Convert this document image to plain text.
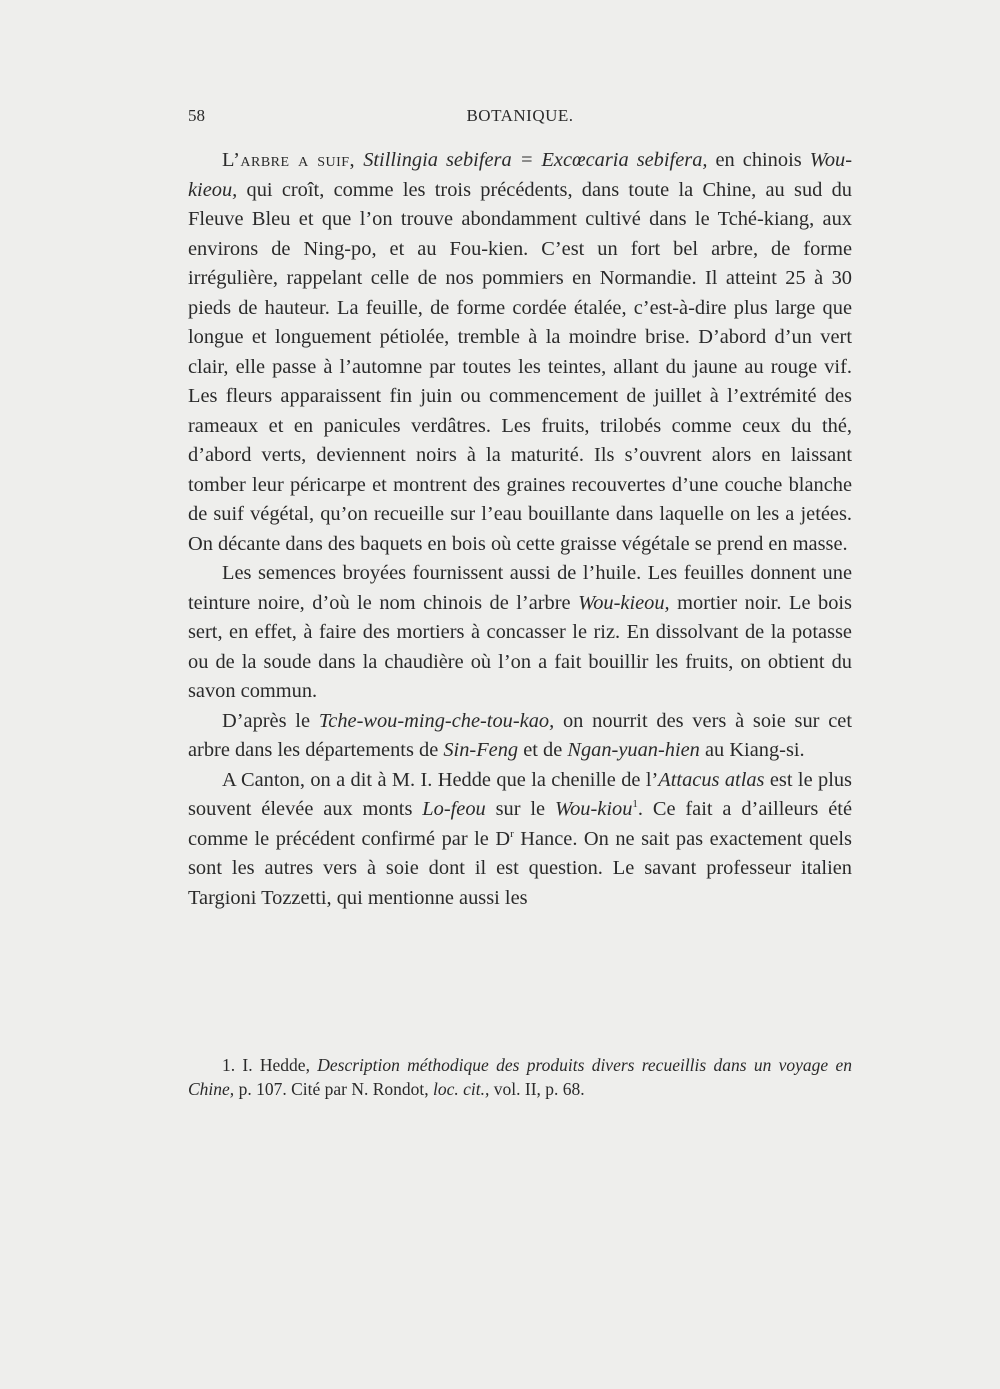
58	BOTANIQUE.

L’arbre a suif, Stillingia sebifera = Excœcaria sebifera, en chinois Wou-kieou, qui croît, comme les trois précédents, dans toute la Chine, au sud du Fleuve Bleu et que l’on trouve abondamment cultivé dans le Tché-kiang, aux environs de Ning-po, et au Fou-kien. C’est un fort bel arbre, de forme irrégulière, rappelant celle de nos pommiers en Normandie. Il atteint 25 à 30 pieds de hauteur. La feuille, de forme cordée étalée, c’est-à-dire plus large que longue et longuement pétiolée, tremble à la moindre brise. D’abord d’un vert clair, elle passe à l’automne par toutes les teintes, allant du jaune au rouge vif. Les fleurs apparaissent fin juin ou commencement de juillet à l’extrémité des rameaux et en panicules verdâtres. Les fruits, trilobés comme ceux du thé, d’abord verts, deviennent noirs à la maturité. Ils s’ouvrent alors en laissant tomber leur péricarpe et montrent des graines recouvertes d’une couche blanche de suif végétal, qu’on recueille sur l’eau bouillante dans laquelle on les a jetées. On décante dans des baquets en bois où cette graisse végétale se prend en masse.

Les semences broyées fournissent aussi de l’huile. Les feuilles donnent une teinture noire, d’où le nom chinois de l’arbre Wou-kieou, mortier noir. Le bois sert, en effet, à faire des mortiers à concasser le riz. En dissolvant de la potasse ou de la soude dans la chaudière où l’on a fait bouillir les fruits, on obtient du savon commun.

D’après le Tche-wou-ming-che-tou-kao, on nourrit des vers à soie sur cet arbre dans les départements de Sin-Feng et de Ngan-yuan-hien au Kiang-si.

A Canton, on a dit à M. I. Hedde que la chenille de l’Attacus atlas est le plus souvent élevée aux monts Lo-feou sur le Wou-kiou$^1$. Ce fait a d’ailleurs été comme le précédent confirmé par le $D^r$ Hance. On ne sait pas exactement quels sont les autres vers à soie dont il est question. Le savant professeur italien Targioni Tozzetti, qui mentionne aussi les

1. I. Hedde, Description méthodique des produits divers recueillis dans un voyage en Chine, p. 107. Cité par N. Rondot, loc. cit., vol. II, p. 68.
